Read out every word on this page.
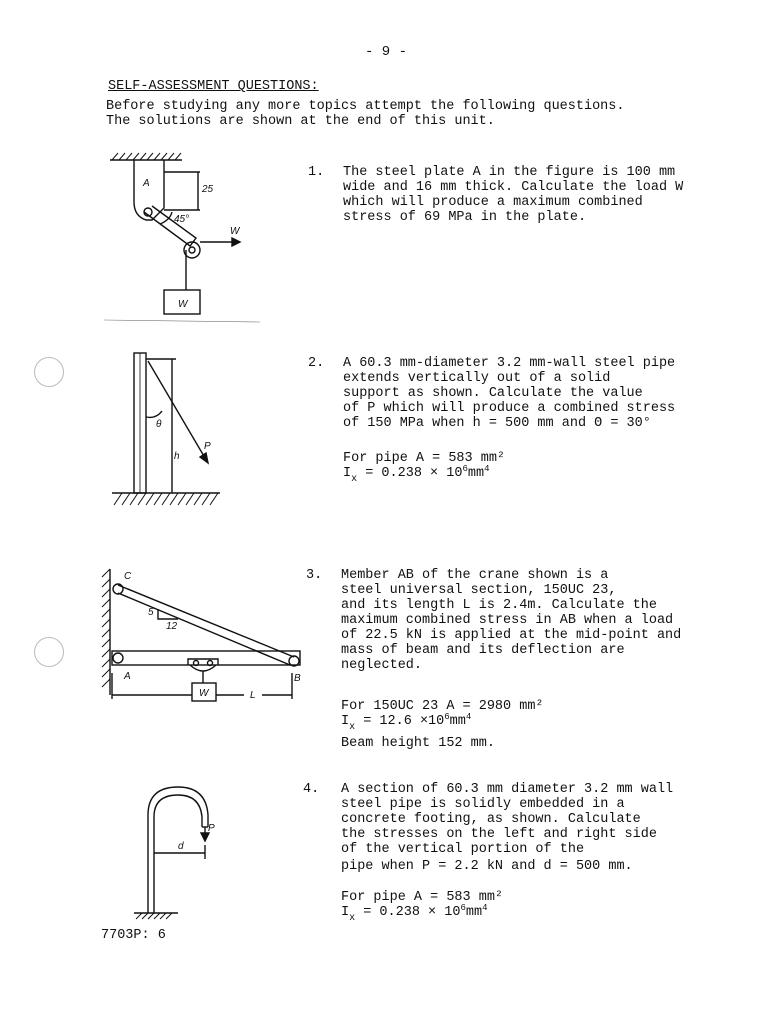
- 9 -
SELF-ASSESSMENT QUESTIONS:
Before studying any more topics attempt the following questions.
The solutions are shown at the end of this unit.
A
25
45°
W
W
1. The steel plate A in the figure is 100 mm
wide and 16 mm thick. Calculate the load W
which will produce a maximum combined
stress of 69 MPa in the plate.
θ
P
h
2. A 60.3 mm-diameter 3.2 mm-wall steel pipe
extends vertically out of a solid
support as shown. Calculate the value
of P which will produce a combined stress
of 150 MPa when h = 500 mm and Θ = 30°
For pipe A = 583 mm²
$I_x = 0.238 \times 10^6mm^4$
C
5
12
A	B
W	L
3. Member AB of the crane shown is a
steel universal section, 150UC 23,
and its length L is 2.4m. Calculate the
maximum combined stress in AB when a load
of 22.5 kN is applied at the mid-point and
mass of beam and its deflection are
neglected.
For 150UC 23 A = 2980 mm²
$I_x = 12.6 \times 10^6mm^4$
Beam height 152 mm.
P
d
4. A section of 60.3 mm diameter 3.2 mm wall
steel pipe is solidly embedded in a
concrete footing, as shown. Calculate
the stresses on the left and right side
of the vertical portion of the
pipe when P = 2.2 kN and d = 500 mm.
For pipe A = 583 mm²
$I_x = 0.238 \times 10^6mm^4$
7703P: 6
